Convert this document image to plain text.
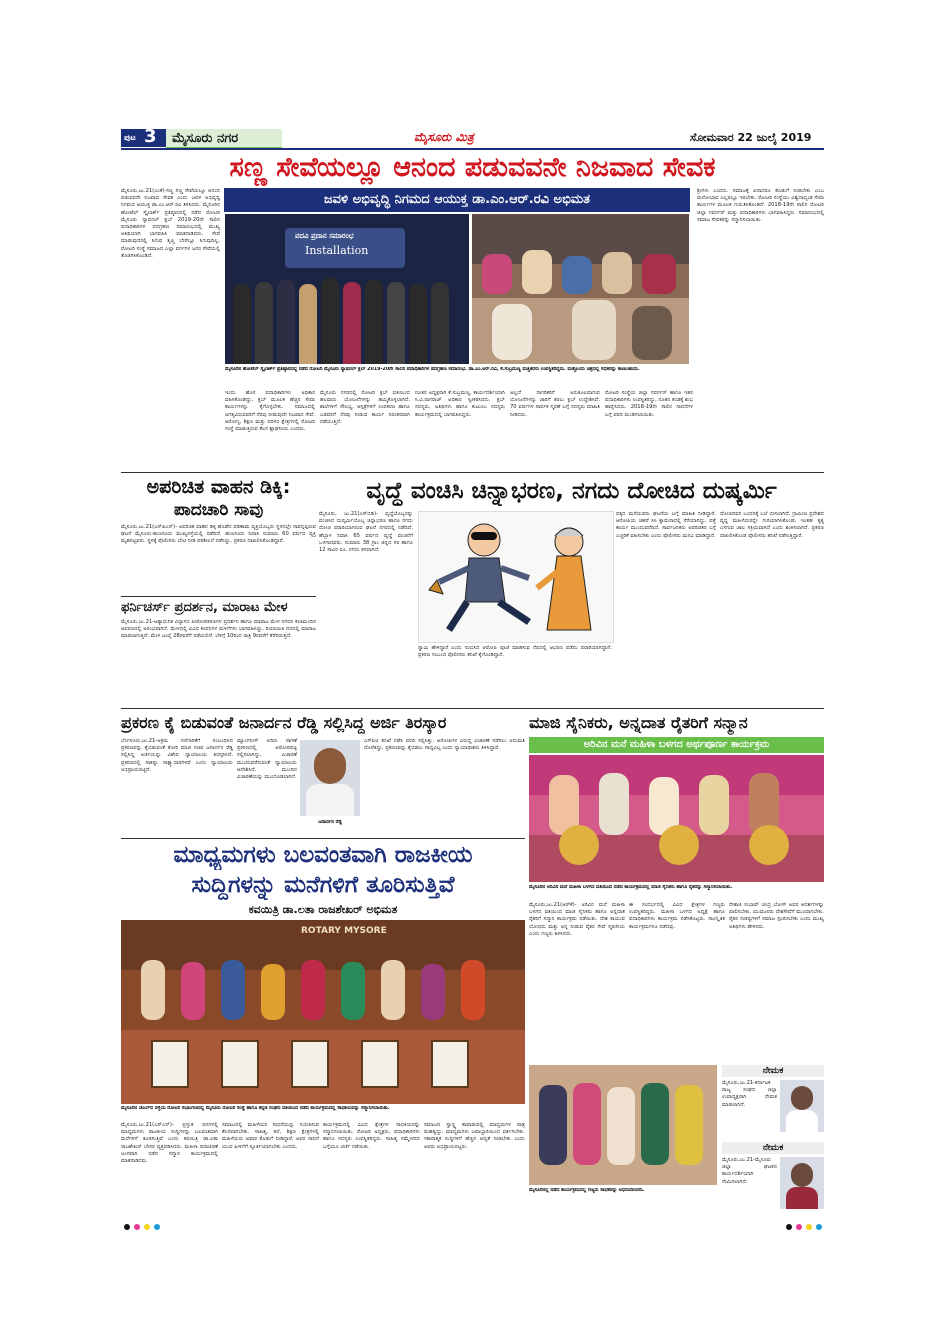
ಪುಟ 3 ಮೈಸೂರು ನಗರ	ಮೈಸೂರು ಮಿತ್ರ	ಸೋಮವಾರ 22 ಜುಲೈ 2019
ಸಣ್ಣ ಸೇವೆಯಲ್ಲೂ ಆನಂದ ಪಡುವವನೇ ನಿಜವಾದ ಸೇವಕ
ಜವಳಿ ಅಭಿವೃದ್ಧಿ ನಿಗಮದ ಆಯುಕ್ತ ಡಾ.ಎಂ.ಆರ್.ರವಿ ಅಭಿಮತ
ಮೈಸೂರು,ಜು.21(ಎಂಕೆ)-ಸಣ್ಣ ಸಣ್ಣ ಸೇವೆಯಲ್ಲೂ ಆನಂದ ಪಡುವವನೇ ನಿಜವಾದ ಸೇವಕ ಎಂದು ಜವಳಿ ಅಭಿವೃದ್ಧಿ ನಿಗಮದ ಆಯುಕ್ತ ಡಾ.ಎಂ.ಆರ್.ರವಿ ತಿಳಿಸಿದರು. ಮೈಸೂರಿನ ಹೋಟೆಲ್ ಸ್ಕೈಲಾರ್ಕ್ ಪ್ರತಿಷ್ಠಾನದಲ್ಲಿ ನಡೆದ ರೋಟರಿ ಮೈಸೂರು ನ್ಯಾಷನಲ್ ಕ್ಲಬ್ 2019-20ನೇ ಸಾಲಿನ ಪದಾಧಿಕಾರಿಗಳ ಪದಗ್ರಹಣ ಸಮಾರಂಭದಲ್ಲಿ ಮುಖ್ಯ ಅತಿಥಿಯಾಗಿ ಭಾಗವಹಿಸಿ ಮಾತನಾಡಿದರು. ಸೇವೆ ಮಾಡುವುದರಲ್ಲಿ ಸಿಗುವ ತೃಪ್ತಿ ಬೇರೆಲ್ಲೂ ಸಿಗುವುದಿಲ್ಲ. ರೋಟರಿ ಸಂಸ್ಥೆ ಸಮಾಜದ ಎಲ್ಲಾ ವರ್ಗಗಳ ಜನರ ಸೇವೆಯಲ್ಲಿ ತೊಡಗಿಸಿಕೊಂಡಿದೆ.
ಪದವಿ ಪ್ರದಾನ ಸಮಾರಂಭ
Installation
ಮೈಸೂರಿನ ಹೋಟೆಲ್ ಸ್ಕೈಲಾರ್ಕ್ ಪ್ರತಿಷ್ಠಾನದಲ್ಲಿ ನಡೆದ ರೋಟರಿ ಮೈಸೂರು ನ್ಯಾಷನಲ್ ಕ್ಲಬ್ 2019-20ನೇ ಸಾಲಿನ ಪದಾಧಿಕಾರಿಗಳ ಪದಗ್ರಹಣ ಸಮಾರಂಭ. ಡಾ.ಎಂ.ಆರ್.ರವಿ, ಕೆ.ಸುಬ್ರಮಣ್ಯ ಮತ್ತಿತರರು ಉಪಸ್ಥಿತರಿದ್ದರು. ಮತ್ತೊಂದು ಚಿತ್ರದಲ್ಲಿ ಸಭಿಕರನ್ನು ಕಾಣಬಹುದು.
ಇಂದು ಹೊಸ ಪದಾಧಿಕಾರಿಗಳು ಅಧಿಕಾರ ವಹಿಸಿಕೊಂಡಿದ್ದು, ಕ್ಲಬ್ ಮೂಲಕ ಹೆಚ್ಚಿನ ಸೇವಾ ಕಾರ್ಯಗಳನ್ನು ಕೈಗೊಳ್ಳಬೇಕು. ಸಮಾಜದಲ್ಲಿ ಅಗತ್ಯವಿರುವವರಿಗೆ ನೆರವು ನೀಡುವುದೇ ನಿಜವಾದ ಸೇವೆ. ಆರೋಗ್ಯ, ಶಿಕ್ಷಣ ಮತ್ತು ಪರಿಸರ ಕ್ಷೇತ್ರಗಳಲ್ಲಿ ರೋಟರಿ ಸಂಸ್ಥೆ ಮಾಡುತ್ತಿರುವ ಕೆಲಸ ಶ್ಲಾಘನೀಯ ಎಂದರು.
ಮೈಸೂರು ನಗರದಲ್ಲಿ ರೋಟರಿ ಕ್ಲಬ್ ವತಿಯಿಂದ ಹಲವಾರು ಯೋಜನೆಗಳನ್ನು ಹಮ್ಮಿಕೊಳ್ಳಲಾಗಿದೆ. ಶಾಲೆಗಳಿಗೆ ಸೌಲಭ್ಯ, ಆಸ್ಪತ್ರೆಗಳಿಗೆ ಉಪಕರಣ ಹಾಗೂ ಬಡವರಿಗೆ ನೆರವು ನೀಡುವ ಕಾರ್ಯ ನಿರಂತರವಾಗಿ ನಡೆಯುತ್ತಿದೆ.
ನೂತನ ಅಧ್ಯಕ್ಷರಾಗಿ ಕೆ.ಸುಬ್ರಮಣ್ಯ, ಕಾರ್ಯದರ್ಶಿಯಾಗಿ ಸಿ.ವಿ.ನಾಗರಾಜ್ ಅಧಿಕಾರ ಸ್ವೀಕರಿಸಿದರು. ಕ್ಲಬ್ ಸದಸ್ಯರು, ಅತಿಥಿಗಳು ಹಾಗೂ ಕುಟುಂಬ ಸದಸ್ಯರು ಕಾರ್ಯಕ್ರಮದಲ್ಲಿ ಭಾಗವಹಿಸಿದ್ದರು.
ಅಲ್ಲದೆ ನಾಗರಿಕರಿಗೆ ಅನುಕೂಲವಾಗುವ ಯೋಜನೆಗಳನ್ನು ಜಾರಿಗೆ ತರಲು ಕ್ಲಬ್ ಉದ್ದೇಶಿಸಿದೆ. 70 ವರ್ಷಗಳ ಸಾರ್ಥಕ ಸ್ಮರಣೆ ಬಗ್ಗೆ ಸದಸ್ಯರು ಮಾಹಿತಿ ನೀಡಿದರು.
ರೋಟರಿ ಸಂಸ್ಥೆಯ ಜಿಲ್ಲಾ ಗವರ್ನರ್ ಹಾಗೂ ಇತರ ಪದಾಧಿಕಾರಿಗಳು ಉಪಸ್ಥಿತರಿದ್ದು, ನೂತನ ತಂಡಕ್ಕೆ ಶುಭ ಹಾರೈಸಿದರು. 2018-19ನೇ ಸಾಲಿನ ಸಾಧನೆಗಳ ಬಗ್ಗೆ ವರದಿ ಮಂಡಿಸಲಾಯಿತು.
ಶ್ರೀಗಳು ಎಂದರು. ಸಮಾಜಕ್ಕೆ ಏನಾದರೂ ಕೊಡುಗೆ ನೀಡಬೇಕು ಎಂಬ ಮನೋಭಾವ ಎಲ್ಲರಲ್ಲೂ ಇರಬೇಕು. ರೋಟರಿ ಸಂಸ್ಥೆಯು ವಿಶ್ವದಾದ್ಯಂತ ಸೇವಾ ಕಾರ್ಯಗಳ ಮೂಲಕ ಗುರುತಿಸಿಕೊಂಡಿದೆ. 2018-19ನೇ ಸಾಲಿನ ರೋಟರಿ ಜಿಲ್ಲಾ ಗವರ್ನರ್ ಮತ್ತು ಪದಾಧಿಕಾರಿಗಳು ಭಾಗವಹಿಸಿದ್ದರು. ಸಮಾರಂಭದಲ್ಲಿ ಸಮಾಜ ಸೇವಕರನ್ನು ಸನ್ಮಾನಿಸಲಾಯಿತು.
ಅಪರಿಚಿತ ವಾಹನ ಡಿಕ್ಕಿ:
ಪಾದಚಾರಿ ಸಾವು
ಮೈಸೂರು,ಜು.21(ಎಸ್‌ಪಿಎನ್)- ಅಪರಿಚಿತ ವಾಹನ ಡಿಕ್ಕಿ ಹೊಡೆದ ಪರಿಣಾಮ ವ್ಯಕ್ತಿಯೊಬ್ಬರು ಸ್ಥಳದಲ್ಲೇ ಸಾವನ್ನಪ್ಪಿರುವ ಘಟನೆ ಮೈಸೂರು-ಹುಣಸೂರು ಮುಖ್ಯರಸ್ತೆಯಲ್ಲಿ ನಡೆದಿದೆ. ಹುಣಸೂರು ನಿವಾಸಿ ಸುಮಾರು 60 ವರ್ಷದ ವ್ಯಕ್ತಿ ಮೃತಪಟ್ಟವರು. ಸ್ಥಳಕ್ಕೆ ಪೊಲೀಸರು ಭೇಟಿ ನೀಡಿ ಪರಿಶೀಲನೆ ನಡೆಸಿದ್ದು, ಪ್ರಕರಣ ದಾಖಲಿಸಿಕೊಂಡಿದ್ದಾರೆ.
ಫರ್ನಿಚರ್ಸ್ ಪ್ರದರ್ಶನ, ಮಾರಾಟ ಮೇಳ
ಮೈಸೂರು,ಜು.21-ಅತ್ಯಾಧುನಿಕ ವಿನ್ಯಾಸದ ಪೀಠೋಪಕರಣಗಳ ಪ್ರದರ್ಶನ ಹಾಗೂ ಮಾರಾಟ ಮೇಳ ನಗರದ ಕಲಾಮಂದಿರ ಆವರಣದಲ್ಲಿ ಆರಂಭವಾಗಿದೆ. ಮೇಳದಲ್ಲಿ ವಿವಿಧ ಕಂಪನಿಗಳ ಮಳಿಗೆಗಳು ಭಾಗವಹಿಸಿದ್ದು, ರಿಯಾಯಿತಿ ದರದಲ್ಲಿ ಮಾರಾಟ ಮಾಡಲಾಗುತ್ತಿದೆ. ಮೇಳ ಜುಲೈ 28ರವರೆಗೆ ನಡೆಯಲಿದೆ. ಬೆಳಿಗ್ಗೆ 10ರಿಂದ ರಾತ್ರಿ 9ರವರೆಗೆ ತೆರೆದಿರುತ್ತದೆ.
ವೃದ್ಧೆ ವಂಚಿಸಿ ಚಿನ್ನಾಭರಣ, ನಗದು ದೋಚಿದ ದುಷ್ಕರ್ಮಿ
ಮೈಸೂರು, ಜು.21(ಎಸ್‌ಬಿಡಿ)- ವೃದ್ಧೆಯೊಬ್ಬರನ್ನು ವಂಚಿಸಿದ ದುಷ್ಕರ್ಮಿಯೊಬ್ಬ ಚಿನ್ನಾಭರಣ ಹಾಗೂ ನಗದು ದೋಚಿ ಪರಾರಿಯಾಗಿರುವ ಘಟನೆ ನಗರದಲ್ಲಿ ನಡೆದಿದೆ. ಹೆಬ್ಬಾಳ ನಿವಾಸಿ 65 ವರ್ಷದ ವೃದ್ಧೆ ವಂಚನೆಗೆ ಒಳಗಾದವರು. ಸುಮಾರು 38 ಗ್ರಾಂ ಚಿನ್ನದ ಸರ ಹಾಗೂ 12 ಸಾವಿರ ರೂ. ನಗದು ಕಳವಾಗಿದೆ.
ಸ್ವಾಮಿ ಹೇಳಿದ್ದಾರೆ ಎಂದು ನಂಬಿಸಿದ ಆರೋಪಿ ಪೂಜೆ ಮಾಡಿಸುವ ನೆಪದಲ್ಲಿ ಆಭರಣ ಪಡೆದು ಪರಾರಿಯಾಗಿದ್ದಾನೆ. ಪ್ರಕರಣ ಸಂಬಂಧ ಪೊಲೀಸರು ತನಿಖೆ ಕೈಗೊಂಡಿದ್ದಾರೆ.
ಪಕ್ಕದ ಮನೆಯವರು ಘಟನೆಯ ಬಗ್ಗೆ ಮಾಹಿತಿ ನೀಡಿದ್ದಾರೆ. ಆರೋಪಿಯ ಚಹರೆ ಸಿಸಿ ಕ್ಯಾಮರಾದಲ್ಲಿ ಸೆರೆಯಾಗಿದ್ದು, ಪತ್ತೆ ಕಾರ್ಯ ಮುಂದುವರೆದಿದೆ. ಸಾರ್ವಜನಿಕರು ಅಪರಿಚಿತರ ಬಗ್ಗೆ ಎಚ್ಚರಿಕೆ ವಹಿಸಬೇಕು ಎಂದು ಪೊಲೀಸರು ಮನವಿ ಮಾಡಿದ್ದಾರೆ.
ದೋಚಿದವನ ಬಂಧನಕ್ಕೆ ಬಲೆ ಬೀಸಲಾಗಿದೆ. ಗ್ರಾಮೀಣ ಪ್ರದೇಶದ ವೃದ್ಧ ಮಹಿಳೆಯರನ್ನೇ ಗುರಿಯಾಗಿಸಿಕೊಂಡು ಇಂತಹ ಕೃತ್ಯ ಎಸಗುವ ಜಾಲ ಸಕ್ರಿಯವಾಗಿದೆ ಎಂದು ಶಂಕಿಸಲಾಗಿದೆ. ಪ್ರಕರಣ ದಾಖಲಿಸಿಕೊಂಡ ಪೊಲೀಸರು ತನಿಖೆ ನಡೆಸುತ್ತಿದ್ದಾರೆ.
ಪ್ರಕರಣ ಕೈ ಬಿಡುವಂತೆ ಜನಾರ್ದನ ರೆಡ್ಡಿ ಸಲ್ಲಿಸಿದ್ದ ಅರ್ಜಿ ತಿರಸ್ಕಾರ
ಬೆಂಗಳೂರು,ಜು.21-ಅಕ್ರಮ ಗಣಿಗಾರಿಕೆಗೆ ಸಂಬಂಧಿಸಿದ ಪ್ರಕರಣವನ್ನು ಕೈಬಿಡುವಂತೆ ಕೋರಿ ಮಾಜಿ ಸಚಿವ ಜನಾರ್ದನ ರೆಡ್ಡಿ ಸಲ್ಲಿಸಿದ್ದ ಅರ್ಜಿಯನ್ನು ವಿಶೇಷ ನ್ಯಾಯಾಲಯ ತಿರಸ್ಕರಿಸಿದೆ. ಪ್ರಕರಣದಲ್ಲಿ ಸಾಕಷ್ಟು ಸಾಕ್ಷ್ಯಾಧಾರಗಳಿವೆ ಎಂದು ನ್ಯಾಯಾಲಯ ಅಭಿಪ್ರಾಯಪಟ್ಟಿದೆ.
ಮ್ಯಾಂಗನೀಸ್ ಅದಿರು ಸಾಗಣೆ ಪ್ರಕರಣದಲ್ಲಿ ಆರೋಪಪಟ್ಟಿ ಸಲ್ಲಿಸಲಾಗಿದ್ದು, ವಿಚಾರಣೆ ಮುಂದುವರೆಸುವಂತೆ ನ್ಯಾಯಾಲಯ ಆದೇಶಿಸಿದೆ. ಮುಂದಿನ ವಿಚಾರಣೆಯನ್ನು ಮುಂದೂಡಲಾಗಿದೆ.
ಜನಾರ್ದನ ರೆಡ್ಡಿ
ಎಸ್‌ಐಟಿ ತನಿಖೆ ನಡೆಸಿ ವರದಿ ಸಲ್ಲಿಸಿತ್ತು. ಆರೋಪಿಗಳ ವಿರುದ್ಧ ವಿಚಾರಣೆ ನಡೆಸಲು ಅನುಮತಿ ದೊರೆತಿದ್ದು, ಪ್ರಕರಣವನ್ನು ಕೈಬಿಡಲು ಸಾಧ್ಯವಿಲ್ಲ ಎಂದು ನ್ಯಾಯಾಧೀಶರು ತಿಳಿಸಿದ್ದಾರೆ.
ಮಾಜಿ ಸೈನಿಕರು, ಅನ್ನದಾತ ರೈತರಿಗೆ ಸನ್ಮಾನ
ಅರಿವಿನ ಮನೆ ಮಹಿಳಾ ಬಳಗದ ಅರ್ಥಪೂರ್ಣ ಕಾರ್ಯಕ್ರಮ
ಮೈಸೂರಿನ ಅರಿವಿನ ಮನೆ ಮಹಿಳಾ ಬಳಗದ ವತಿಯಿಂದ ನಡೆದ ಕಾರ್ಯಕ್ರಮದಲ್ಲಿ ಮಾಜಿ ಸೈನಿಕರು ಹಾಗೂ ರೈತರನ್ನು ಸನ್ಮಾನಿಸಲಾಯಿತು.
ಮೈಸೂರು,ಜು.21(ಆರ್‌ಕೆ)- ಅರಿವಿನ ಮನೆ ಮಹಿಳಾ ಬಳಗದ ವತಿಯಿಂದ ಮಾಜಿ ಸೈನಿಕರು ಹಾಗೂ ಅನ್ನದಾತ ರೈತರಿಗೆ ಸನ್ಮಾನ ಕಾರ್ಯಕ್ರಮ ನಡೆಯಿತು. ದೇಶ ಕಾಯುವ ಯೋಧರು ಮತ್ತು ಅನ್ನ ನೀಡುವ ರೈತರ ಸೇವೆ ಸ್ಮರಣೀಯ ಎಂದು ಗಣ್ಯರು ತಿಳಿಸಿದರು.
ಈ ಸಂದರ್ಭದಲ್ಲಿ ವಿವಿಧ ಕ್ಷೇತ್ರಗಳ ಗಣ್ಯರು ಉಪಸ್ಥಿತರಿದ್ದರು. ಮಹಿಳಾ ಬಳಗದ ಅಧ್ಯಕ್ಷೆ ಹಾಗೂ ಪದಾಧಿಕಾರಿಗಳು ಕಾರ್ಯಕ್ರಮ ನಡೆಸಿಕೊಟ್ಟರು. ಸಾಂಸ್ಕೃತಿಕ ಕಾರ್ಯಕ್ರಮಗಳೂ ನಡೆದವು.
ನೇತಾಜಿ ಸುಭಾಷ್ ಚಂದ್ರ ಬೋಸ್ ಅವರ ಆದರ್ಶಗಳನ್ನು ಪಾಲಿಸಬೇಕು. ಯುವಜನರು ದೇಶಸೇವೆಗೆ ಮುಂದಾಗಬೇಕು. ರೈತರ ಸಂಕಷ್ಟಗಳಿಗೆ ಸಮಾಜ ಸ್ಪಂದಿಸಬೇಕು ಎಂದು ಮುಖ್ಯ ಅತಿಥಿಗಳು ಹೇಳಿದರು.
ಮಾಧ್ಯಮಗಳು ಬಲವಂತವಾಗಿ ರಾಜಕೀಯ
ಸುದ್ದಿಗಳನ್ನು ಮನೆಗಳಿಗೆ ತೂರಿಸುತ್ತಿವೆ
ಕವಯಿತ್ರಿ ಡಾ.ಲತಾ ರಾಜಶೇಖರ್ ಅಭಿಮತ
ROTARY MYSORE
ಮೈಸೂರಿನ ಜೆಎಲ್‌ಬಿ ರಸ್ತೆಯ ರೋಟರಿ ಸಭಾಂಗಣದಲ್ಲಿ ಮೈಸೂರು ರೋಟರಿ ಸಂಸ್ಥೆ ಹಾಗೂ ಕನ್ನಡ ಸಂಘದ ವತಿಯಿಂದ ನಡೆದ ಕಾರ್ಯಕ್ರಮದಲ್ಲಿ ಸಾಧಕಿಯರನ್ನು ಸನ್ಮಾನಿಸಲಾಯಿತು.
ಮೈಸೂರು,ಜು.21(ಎಸ್‌ಎನ್)- ಪ್ರಸ್ತುತ ದಿನಗಳಲ್ಲಿ ಮಾಧ್ಯಮಗಳು ರಾಜಕೀಯ ಸುದ್ದಿಗಳನ್ನು ಬಲವಂತವಾಗಿ ಮನೆಗಳಿಗೆ ತೂರಿಸುತ್ತಿವೆ ಎಂದು ಕವಯಿತ್ರಿ ಡಾ.ಲತಾ ರಾಜಶೇಖರ್ ಬೇಸರ ವ್ಯಕ್ತಪಡಿಸಿದರು. ಮಹಿಳಾ ದಿನಾಚರಣೆ ಅಂಗವಾಗಿ ನಡೆದ ಸನ್ಮಾನ ಕಾರ್ಯಕ್ರಮದಲ್ಲಿ ಮಾತನಾಡಿದರು.
ಸಮಾಜದಲ್ಲಿ ಮಹಿಳೆಯರ ಸಾಧನೆಯನ್ನು ಗುರುತಿಸುವ ಕೆಲಸವಾಗಬೇಕು. ಸಾಹಿತ್ಯ, ಕಲೆ, ಶಿಕ್ಷಣ ಕ್ಷೇತ್ರಗಳಲ್ಲಿ ಮಹಿಳೆಯರು ಅಪಾರ ಕೊಡುಗೆ ನೀಡಿದ್ದಾರೆ. ಅವರ ಸಾಧನೆ ಯುವ ಪೀಳಿಗೆಗೆ ಸ್ಫೂರ್ತಿಯಾಗಬೇಕು ಎಂದರು.
ಕಾರ್ಯಕ್ರಮದಲ್ಲಿ ವಿವಿಧ ಕ್ಷೇತ್ರಗಳ ಸಾಧಕಿಯರನ್ನು ಸನ್ಮಾನಿಸಲಾಯಿತು. ರೋಟರಿ ಅಧ್ಯಕ್ಷರು, ಪದಾಧಿಕಾರಿಗಳು ಹಾಗೂ ಸದಸ್ಯರು ಉಪಸ್ಥಿತರಿದ್ದರು. ಸಾಹಿತ್ಯ ಸಮ್ಮೇಳನದ ಬಗ್ಗೆಯೂ ಚರ್ಚೆ ನಡೆಯಿತು.
ಸಮಾಜದ ಸ್ವಾಸ್ಥ್ಯ ಕಾಪಾಡುವಲ್ಲಿ ಮಾಧ್ಯಮಗಳ ಪಾತ್ರ ಮಹತ್ವದ್ದು. ಮಾಧ್ಯಮಗಳು ಜವಾಬ್ದಾರಿಯಿಂದ ವರ್ತಿಸಬೇಕು. ಸಕಾರಾತ್ಮಕ ಸುದ್ದಿಗಳಿಗೆ ಹೆಚ್ಚಿನ ಆದ್ಯತೆ ನೀಡಬೇಕು ಎಂದು ಅವರು ಅಭಿಪ್ರಾಯಪಟ್ಟರು.
ಮೈಸೂರಿನಲ್ಲಿ ನಡೆದ ಕಾರ್ಯಕ್ರಮದಲ್ಲಿ ಗಣ್ಯರು ಸಾಧಕರನ್ನು ಅಭಿನಂದಿಸಿದರು.
ನೇಮಕ
ಮೈಸೂರು,ಜು.21-ಕರ್ನಾಟಕ ರಾಜ್ಯ ಸಂಘದ ಜಿಲ್ಲಾ ಉಪಾಧ್ಯಕ್ಷರಾಗಿ ನೇಮಕ ಮಾಡಲಾಗಿದೆ.
ನೇಮಕ
ಮೈಸೂರು,ಜು.21-ಮೈಸೂರು ಜಿಲ್ಲಾ ಘಟಕದ ಕಾರ್ಯದರ್ಶಿಯಾಗಿ ನೇಮಿಸಲಾಗಿದೆ.
